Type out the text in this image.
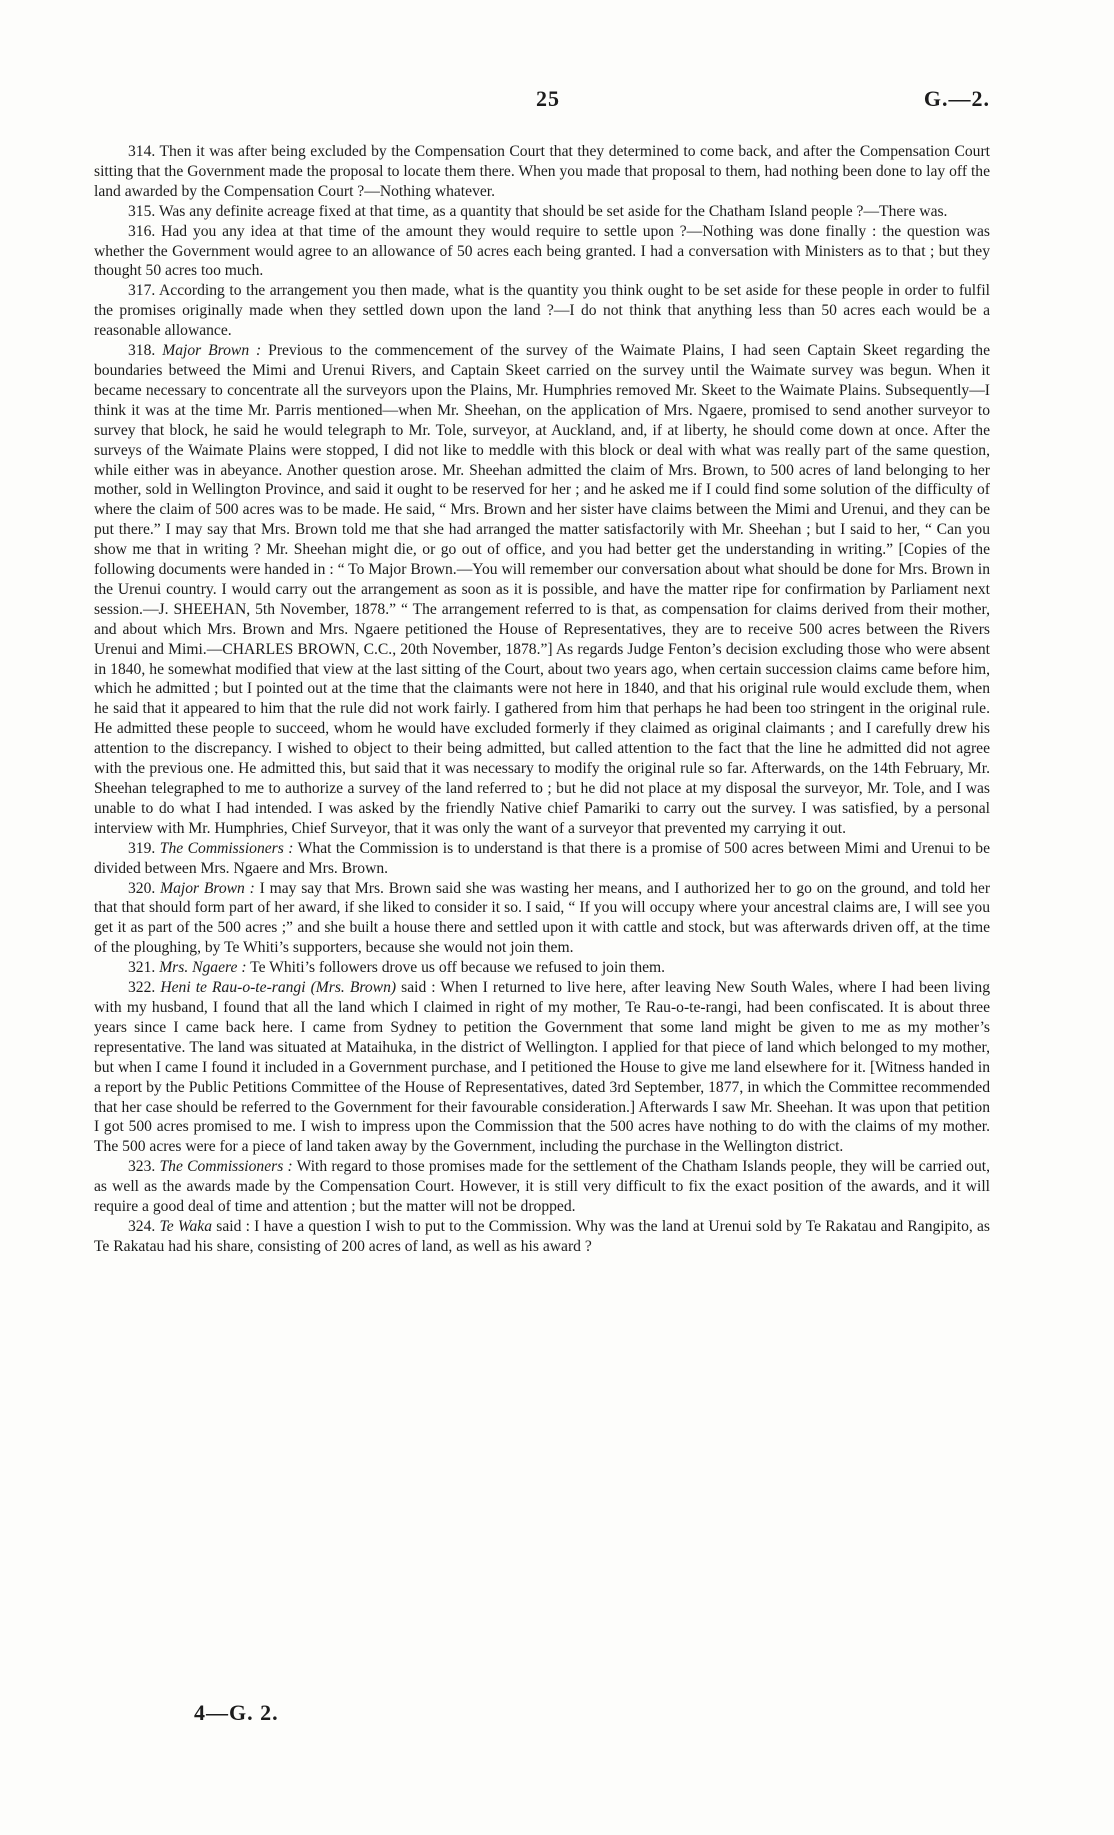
25	G.—2.

314. Then it was after being excluded by the Compensation Court that they determined to come back, and after the Compensation Court sitting that the Government made the proposal to locate them there. When you made that proposal to them, had nothing been done to lay off the land awarded by the Compensation Court ?—Nothing whatever.

315. Was any definite acreage fixed at that time, as a quantity that should be set aside for the Chatham Island people ?—There was.

316. Had you any idea at that time of the amount they would require to settle upon ?—Nothing was done finally : the question was whether the Government would agree to an allowance of 50 acres each being granted. I had a conversation with Ministers as to that ; but they thought 50 acres too much.

317. According to the arrangement you then made, what is the quantity you think ought to be set aside for these people in order to fulfil the promises originally made when they settled down upon the land ?—I do not think that anything less than 50 acres each would be a reasonable allowance.

318. Major Brown : Previous to the commencement of the survey of the Waimate Plains, I had seen Captain Skeet regarding the boundaries betweed the Mimi and Urenui Rivers, and Captain Skeet carried on the survey until the Waimate survey was begun. When it became necessary to concentrate all the surveyors upon the Plains, Mr. Humphries removed Mr. Skeet to the Waimate Plains. Subsequently—I think it was at the time Mr. Parris mentioned—when Mr. Sheehan, on the application of Mrs. Ngaere, promised to send another surveyor to survey that block, he said he would telegraph to Mr. Tole, surveyor, at Auckland, and, if at liberty, he should come down at once. After the surveys of the Waimate Plains were stopped, I did not like to meddle with this block or deal with what was really part of the same question, while either was in abeyance. Another question arose. Mr. Sheehan admitted the claim of Mrs. Brown, to 500 acres of land belonging to her mother, sold in Wellington Province, and said it ought to be reserved for her ; and he asked me if I could find some solution of the difficulty of where the claim of 500 acres was to be made. He said, “ Mrs. Brown and her sister have claims between the Mimi and Urenui, and they can be put there.” I may say that Mrs. Brown told me that she had arranged the matter satisfactorily with Mr. Sheehan ; but I said to her, “ Can you show me that in writing ? Mr. Sheehan might die, or go out of office, and you had better get the understanding in writing.” [Copies of the following documents were handed in : “ To Major Brown.—You will remember our conversation about what should be done for Mrs. Brown in the Urenui country. I would carry out the arrangement as soon as it is possible, and have the matter ripe for confirmation by Parliament next session.—J. SHEEHAN, 5th November, 1878.” “ The arrangement referred to is that, as compensation for claims derived from their mother, and about which Mrs. Brown and Mrs. Ngaere petitioned the House of Representatives, they are to receive 500 acres between the Rivers Urenui and Mimi.—CHARLES BROWN, C.C., 20th November, 1878.”] As regards Judge Fenton’s decision excluding those who were absent in 1840, he somewhat modified that view at the last sitting of the Court, about two years ago, when certain succession claims came before him, which he admitted ; but I pointed out at the time that the claimants were not here in 1840, and that his original rule would exclude them, when he said that it appeared to him that the rule did not work fairly. I gathered from him that perhaps he had been too stringent in the original rule. He admitted these people to succeed, whom he would have excluded formerly if they claimed as original claimants ; and I carefully drew his attention to the discrepancy. I wished to object to their being admitted, but called attention to the fact that the line he admitted did not agree with the previous one. He admitted this, but said that it was necessary to modify the original rule so far. Afterwards, on the 14th February, Mr. Sheehan telegraphed to me to authorize a survey of the land referred to ; but he did not place at my disposal the surveyor, Mr. Tole, and I was unable to do what I had intended. I was asked by the friendly Native chief Pamariki to carry out the survey. I was satisfied, by a personal interview with Mr. Humphries, Chief Surveyor, that it was only the want of a surveyor that prevented my carrying it out.

319. The Commissioners : What the Commission is to understand is that there is a promise of 500 acres between Mimi and Urenui to be divided between Mrs. Ngaere and Mrs. Brown.

320. Major Brown : I may say that Mrs. Brown said she was wasting her means, and I authorized her to go on the ground, and told her that that should form part of her award, if she liked to consider it so. I said, “ If you will occupy where your ancestral claims are, I will see you get it as part of the 500 acres ;” and she built a house there and settled upon it with cattle and stock, but was afterwards driven off, at the time of the ploughing, by Te Whiti’s supporters, because she would not join them.

321. Mrs. Ngaere : Te Whiti’s followers drove us off because we refused to join them.

322. Heni te Rau-o-te-rangi (Mrs. Brown) said : When I returned to live here, after leaving New South Wales, where I had been living with my husband, I found that all the land which I claimed in right of my mother, Te Rau-o-te-rangi, had been confiscated. It is about three years since I came back here. I came from Sydney to petition the Government that some land might be given to me as my mother’s representative. The land was situated at Mataihuka, in the district of Wellington. I applied for that piece of land which belonged to my mother, but when I came I found it included in a Government purchase, and I petitioned the House to give me land elsewhere for it. [Witness handed in a report by the Public Petitions Committee of the House of Representatives, dated 3rd September, 1877, in which the Committee recommended that her case should be referred to the Government for their favourable consideration.] Afterwards I saw Mr. Sheehan. It was upon that petition I got 500 acres promised to me. I wish to impress upon the Commission that the 500 acres have nothing to do with the claims of my mother. The 500 acres were for a piece of land taken away by the Government, including the purchase in the Wellington district.

323. The Commissioners : With regard to those promises made for the settlement of the Chatham Islands people, they will be carried out, as well as the awards made by the Compensation Court. However, it is still very difficult to fix the exact position of the awards, and it will require a good deal of time and attention ; but the matter will not be dropped.

324. Te Waka said : I have a question I wish to put to the Commission. Why was the land at Urenui sold by Te Rakatau and Rangipito, as Te Rakatau had his share, consisting of 200 acres of land, as well as his award ?

4—G. 2.
